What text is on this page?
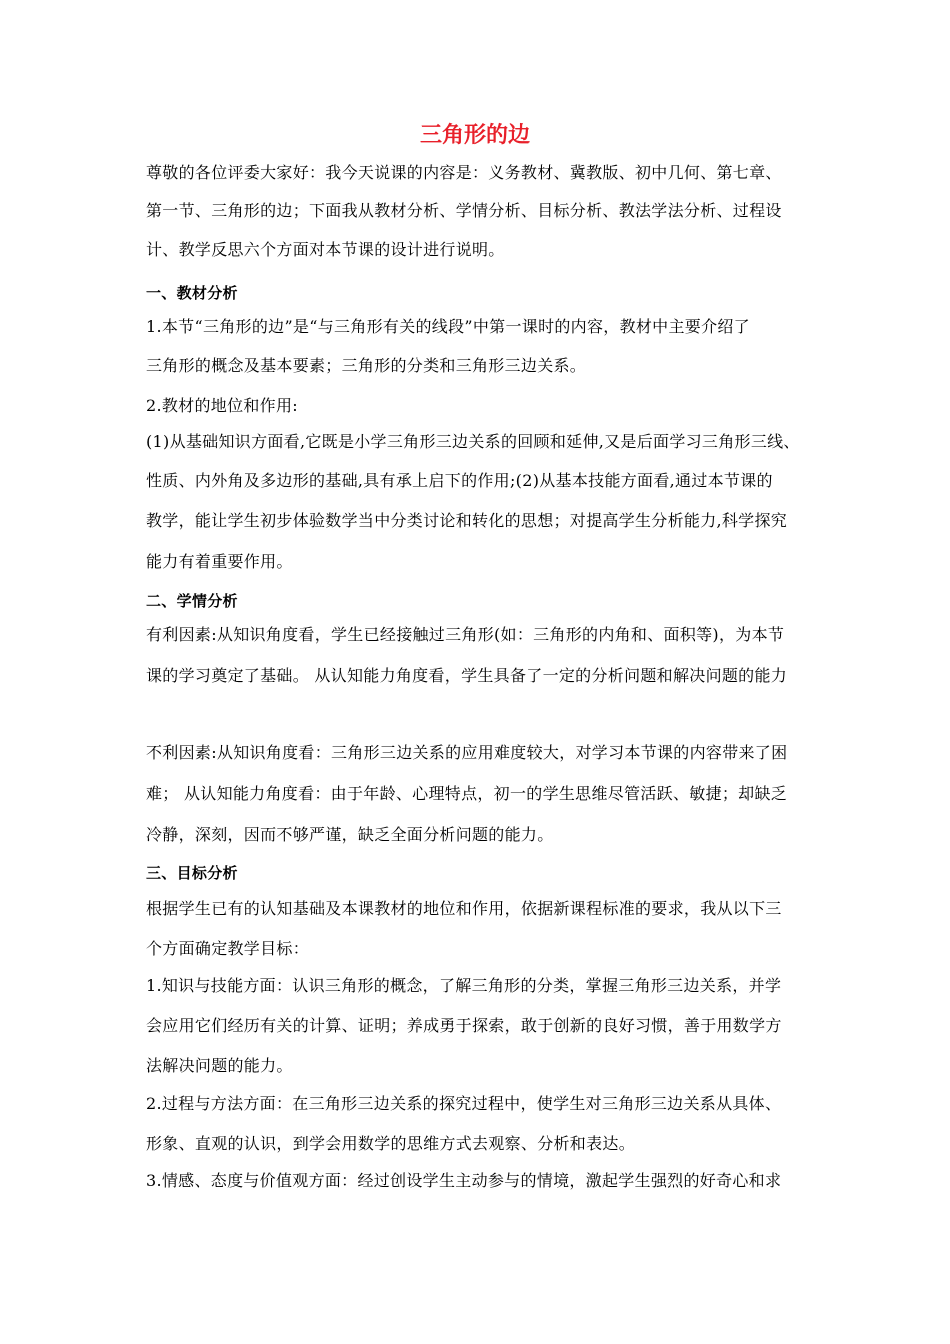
三角形的边
尊敬的各位评委大家好：我今天说课的内容是：义务教材、冀教版、初中几何、第七章、
第一节、三角形的边；下面我从教材分析、学情分析、目标分析、教法学法分析、过程设
计、教学反思六个方面对本节课的设计进行说明。
一、教材分析
1.本节“三角形的边”是“与三角形有关的线段”中第一课时的内容，教材中主要介绍了
三角形的概念及基本要素；三角形的分类和三角形三边关系。
2.教材的地位和作用:
(1)从基础知识方面看,它既是小学三角形三边关系的回顾和延伸,又是后面学习三角形三线、
性质、内外角及多边形的基础,具有承上启下的作用;(2)从基本技能方面看,通过本节课的
教学，能让学生初步体验数学当中分类讨论和转化的思想；对提高学生分析能力,科学探究
能力有着重要作用。
二、学情分析
有利因素:从知识角度看，学生已经接触过三角形(如：三角形的内角和、面积等)，为本节
课的学习奠定了基础。 从认知能力角度看，学生具备了一定的分析问题和解决问题的能力
不利因素:从知识角度看：三角形三边关系的应用难度较大，对学习本节课的内容带来了困
难； 从认知能力角度看：由于年龄、心理特点，初一的学生思维尽管活跃、敏捷；却缺乏
冷静，深刻，因而不够严谨，缺乏全面分析问题的能力。
三、目标分析
根据学生已有的认知基础及本课教材的地位和作用，依据新课程标准的要求，我从以下三
个方面确定教学目标：
1.知识与技能方面：认识三角形的概念，了解三角形的分类，掌握三角形三边关系，并学
会应用它们经历有关的计算、证明；养成勇于探索，敢于创新的良好习惯，善于用数学方
法解决问题的能力。
2.过程与方法方面：在三角形三边关系的探究过程中，使学生对三角形三边关系从具体、
形象、直观的认识，到学会用数学的思维方式去观察、分析和表达。
3.情感、态度与价值观方面：经过创设学生主动参与的情境，激起学生强烈的好奇心和求
